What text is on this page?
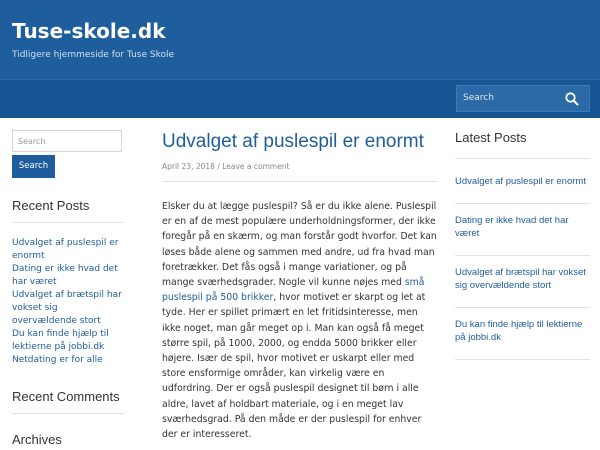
Tuse-skole.dk
Tidligere hjemmeside for Tuse Skole
Search
Search
Search
Recent Posts
Udvalget af puslespil er enormt
Dating er ikke hvad det har været
Udvalget af brætspil har vokset sig overvældende stort
Du kan finde hjælp til lektierne på jobbi.dk
Netdating er for alle
Recent Comments
Archives
Udvalget af puslespil er enormt
April 23, 2018 / Leave a comment
Elsker du at lægge puslespil? Så er du ikke alene. Puslespil er en af de mest populære underholdningsformer, der ikke foregår på en skærm, og man forstår godt hvorfor. Det kan løses både alene og sammen med andre, ud fra hvad man foretrækker. Det fås også i mange variationer, og på mange sværhedsgrader. Nogle vil kunne nøjes med små puslespil på 500 brikker, hvor motivet er skarpt og let at tyde. Her er spillet primært en let fritidsinteresse, men ikke noget, man går meget op i. Man kan også få meget større spil, på 1000, 2000, og endda 5000 brikker eller højere. Især de spil, hvor motivet er uskarpt eller med store ensformige områder, kan virkelig være en udfordring. Der er også puslespil designet til børn i alle aldre, lavet af holdbart materiale, og i en meget lav sværhedsgrad. På den måde er der puslespil for enhver der er interesseret.
Latest Posts
Udvalget af puslespil er enormt
Dating er ikke hvad det har været
Udvalget af brætspil har vokset sig overvældende stort
Du kan finde hjælp til lektierne på jobbi.dk
